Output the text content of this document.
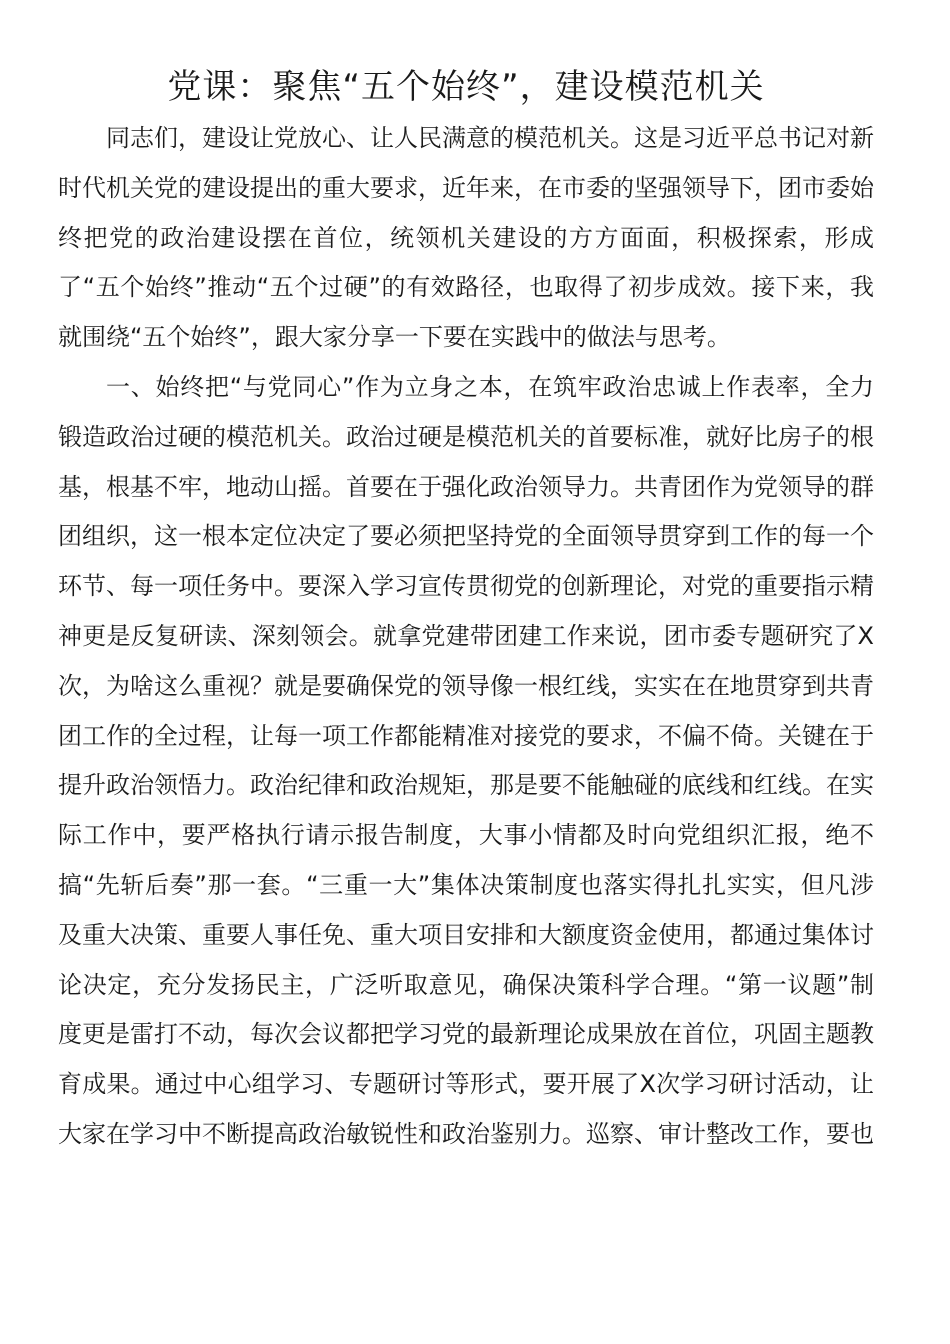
党课：聚焦“五个始终”，建设模范机关

同志们，建设让党放心、让人民满意的模范机关。这是习近平总书记对新时代机关党的建设提出的重大要求，近年来，在市委的坚强领导下，团市委始终把党的政治建设摆在首位，统领机关建设的方方面面，积极探索，形成了“五个始终”推动“五个过硬”的有效路径，也取得了初步成效。接下来，我就围绕“五个始终”，跟大家分享一下要在实践中的做法与思考。

一、始终把“与党同心”作为立身之本，在筑牢政治忠诚上作表率，全力锻造政治过硬的模范机关。政治过硬是模范机关的首要标准，就好比房子的根基，根基不牢，地动山摇。首要在于强化政治领导力。共青团作为党领导的群团组织，这一根本定位决定了要必须把坚持党的全面领导贯穿到工作的每一个环节、每一项任务中。要深入学习宣传贯彻党的创新理论，对党的重要指示精神更是反复研读、深刻领会。就拿党建带团建工作来说，团市委专题研究了X次，为啥这么重视？就是要确保党的领导像一根红线，实实在在地贯穿到共青团工作的全过程，让每一项工作都能精准对接党的要求，不偏不倚。关键在于提升政治领悟力。政治纪律和政治规矩，那是要不能触碰的底线和红线。在实际工作中，要严格执行请示报告制度，大事小情都及时向党组织汇报，绝不搞“先斩后奏”那一套。“三重一大”集体决策制度也落实得扎扎实实，但凡涉及重大决策、重要人事任免、重大项目安排和大额度资金使用，都通过集体讨论决定，充分发扬民主，广泛听取意见，确保决策科学合理。“第一议题”制度更是雷打不动，每次会议都把学习党的最新理论成果放在首位，巩固主题教育成果。通过中心组学习、专题研讨等形式，要开展了X次学习研讨活动，让大家在学习中不断提高政治敏锐性和政治鉴别力。巡察、审计整改工作，要也
